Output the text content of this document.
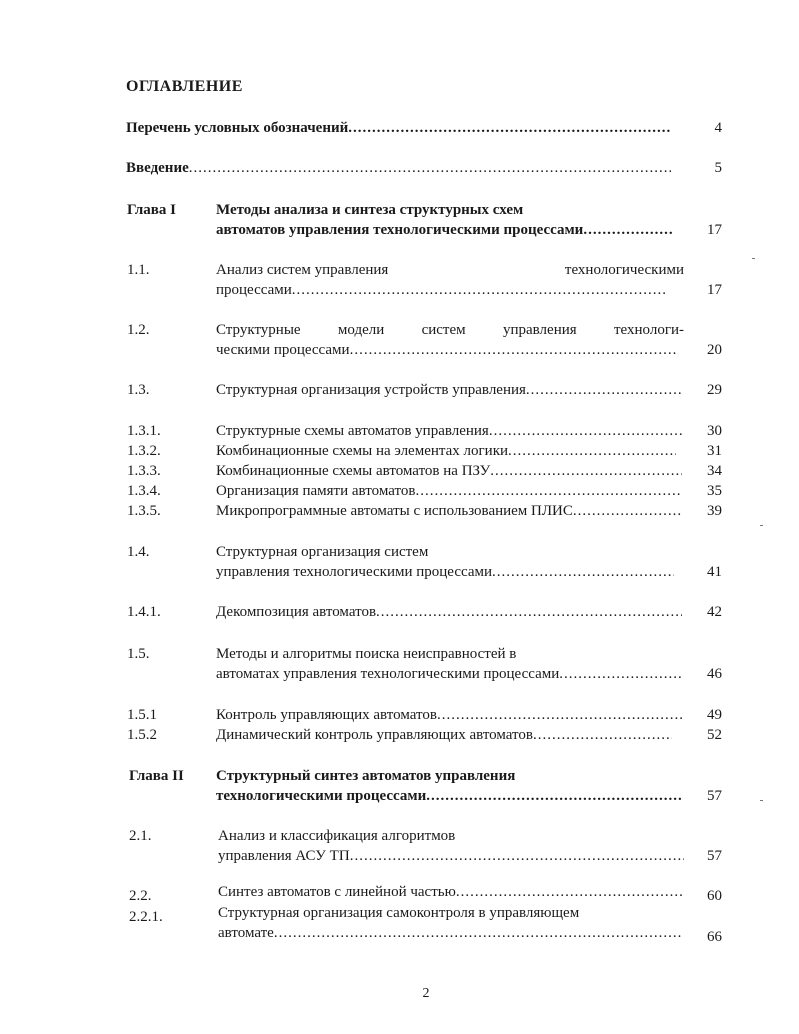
ОГЛАВЛЕНИЕ
Перечень условных обозначений .....	4
Введение .....	5
Глава I	Методы анализа и синтеза структурных схем
автоматов управления технологическими процессами .....	17
1.1.	Анализ систем управления	технологическими
процессами .....	17
1.2.	Структурные модели систем управления технологи-
ческими процессами .....	20
1.3.	Структурная организация устройств управления .....	29
1.3.1.	Структурные схемы автоматов управления .....	30
1.3.2.	Комбинационные схемы на элементах логики .....	31
1.3.3.	Комбинационные схемы автоматов на ПЗУ .....	34
1.3.4.	Организация памяти автоматов .....	35
1.3.5.	Микропрограммные автоматы с использованием ПЛИС .....	39
1.4.	Структурная организация систем
управления технологическими процессами .....	41
1.4.1.	Декомпозиция автоматов .....	42
1.5.	Методы и алгоритмы поиска неисправностей в
автоматах управления технологическими процессами .....	46
1.5.1	Контроль управляющих автоматов .....	49
1.5.2	Динамический контроль управляющих автоматов .....	52
Глава II Структурный синтез автоматов управления
технологическими процессами .....	57
2.1.	Анализ и классификация алгоритмов
управления АСУ ТП .....	57
2.2.	Синтез автоматов с линейной частью .....	60
2.2.1.	Структурная организация самоконтроля в управляющем
автомате .....	66
2
